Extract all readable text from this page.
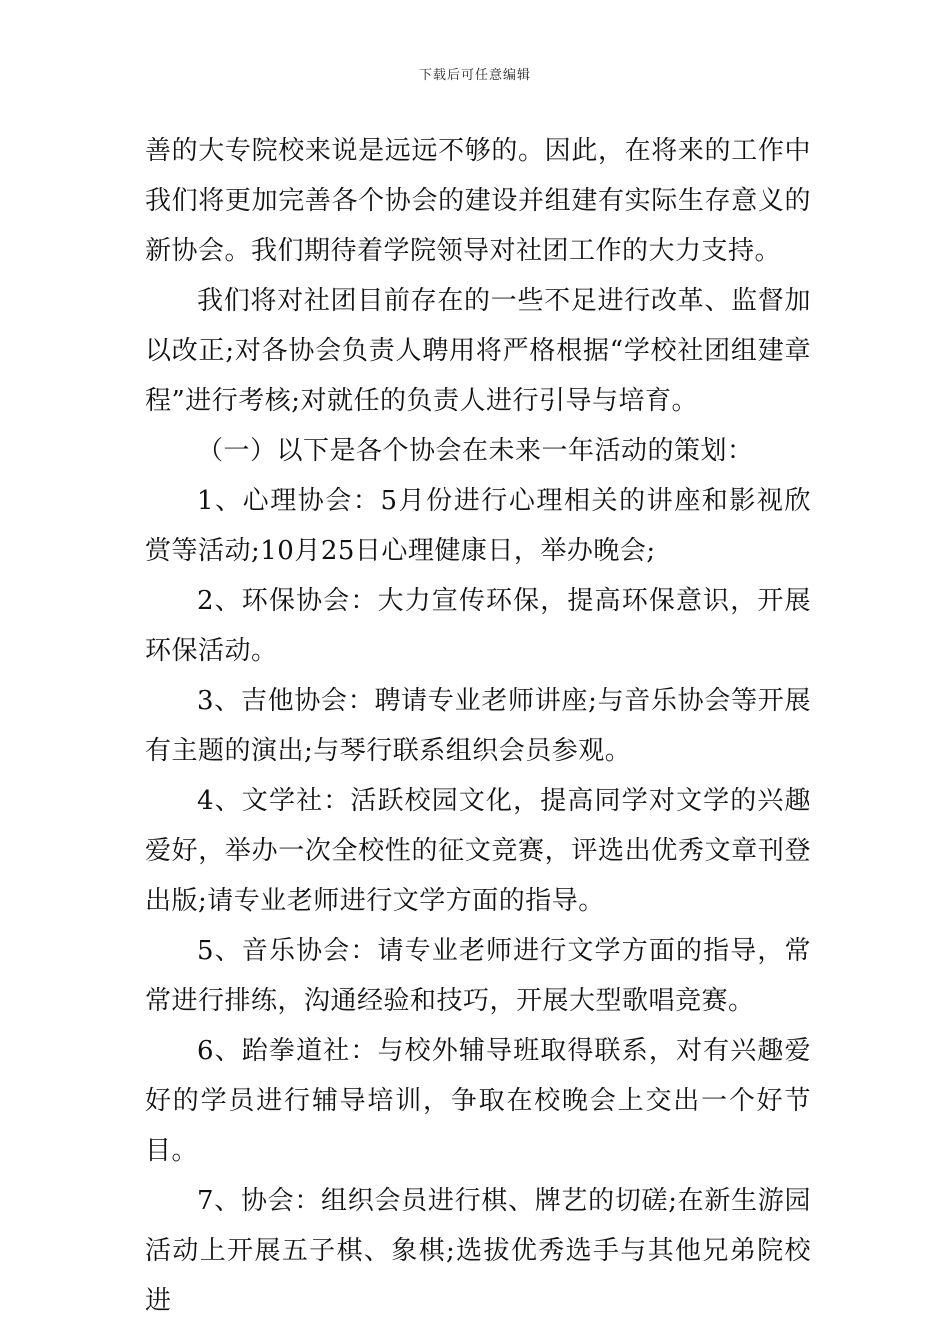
下载后可任意编辑

善的大专院校来说是远远不够的。因此，在将来的工作中我们将更加完善各个协会的建设并组建有实际生存意义的新协会。我们期待着学院领导对社团工作的大力支持。

我们将对社团目前存在的一些不足进行改革、监督加以改正;对各协会负责人聘用将严格根据“学校社团组建章程”进行考核;对就任的负责人进行引导与培育。

（一）以下是各个协会在未来一年活动的策划：

1、心理协会：5月份进行心理相关的讲座和影视欣赏等活动;10月25日心理健康日，举办晚会;

2、环保协会：大力宣传环保，提高环保意识，开展环保活动。

3、吉他协会：聘请专业老师讲座;与音乐协会等开展有主题的演出;与琴行联系组织会员参观。

4、文学社：活跃校园文化，提高同学对文学的兴趣爱好，举办一次全校性的征文竞赛，评选出优秀文章刊登出版;请专业老师进行文学方面的指导。

5、音乐协会：请专业老师进行文学方面的指导，常常进行排练，沟通经验和技巧，开展大型歌唱竞赛。

6、跆拳道社：与校外辅导班取得联系，对有兴趣爱好的学员进行辅导培训，争取在校晚会上交出一个好节目。

7、协会：组织会员进行棋、牌艺的切磋;在新生游园活动上开展五子棋、象棋;选拔优秀选手与其他兄弟院校进
